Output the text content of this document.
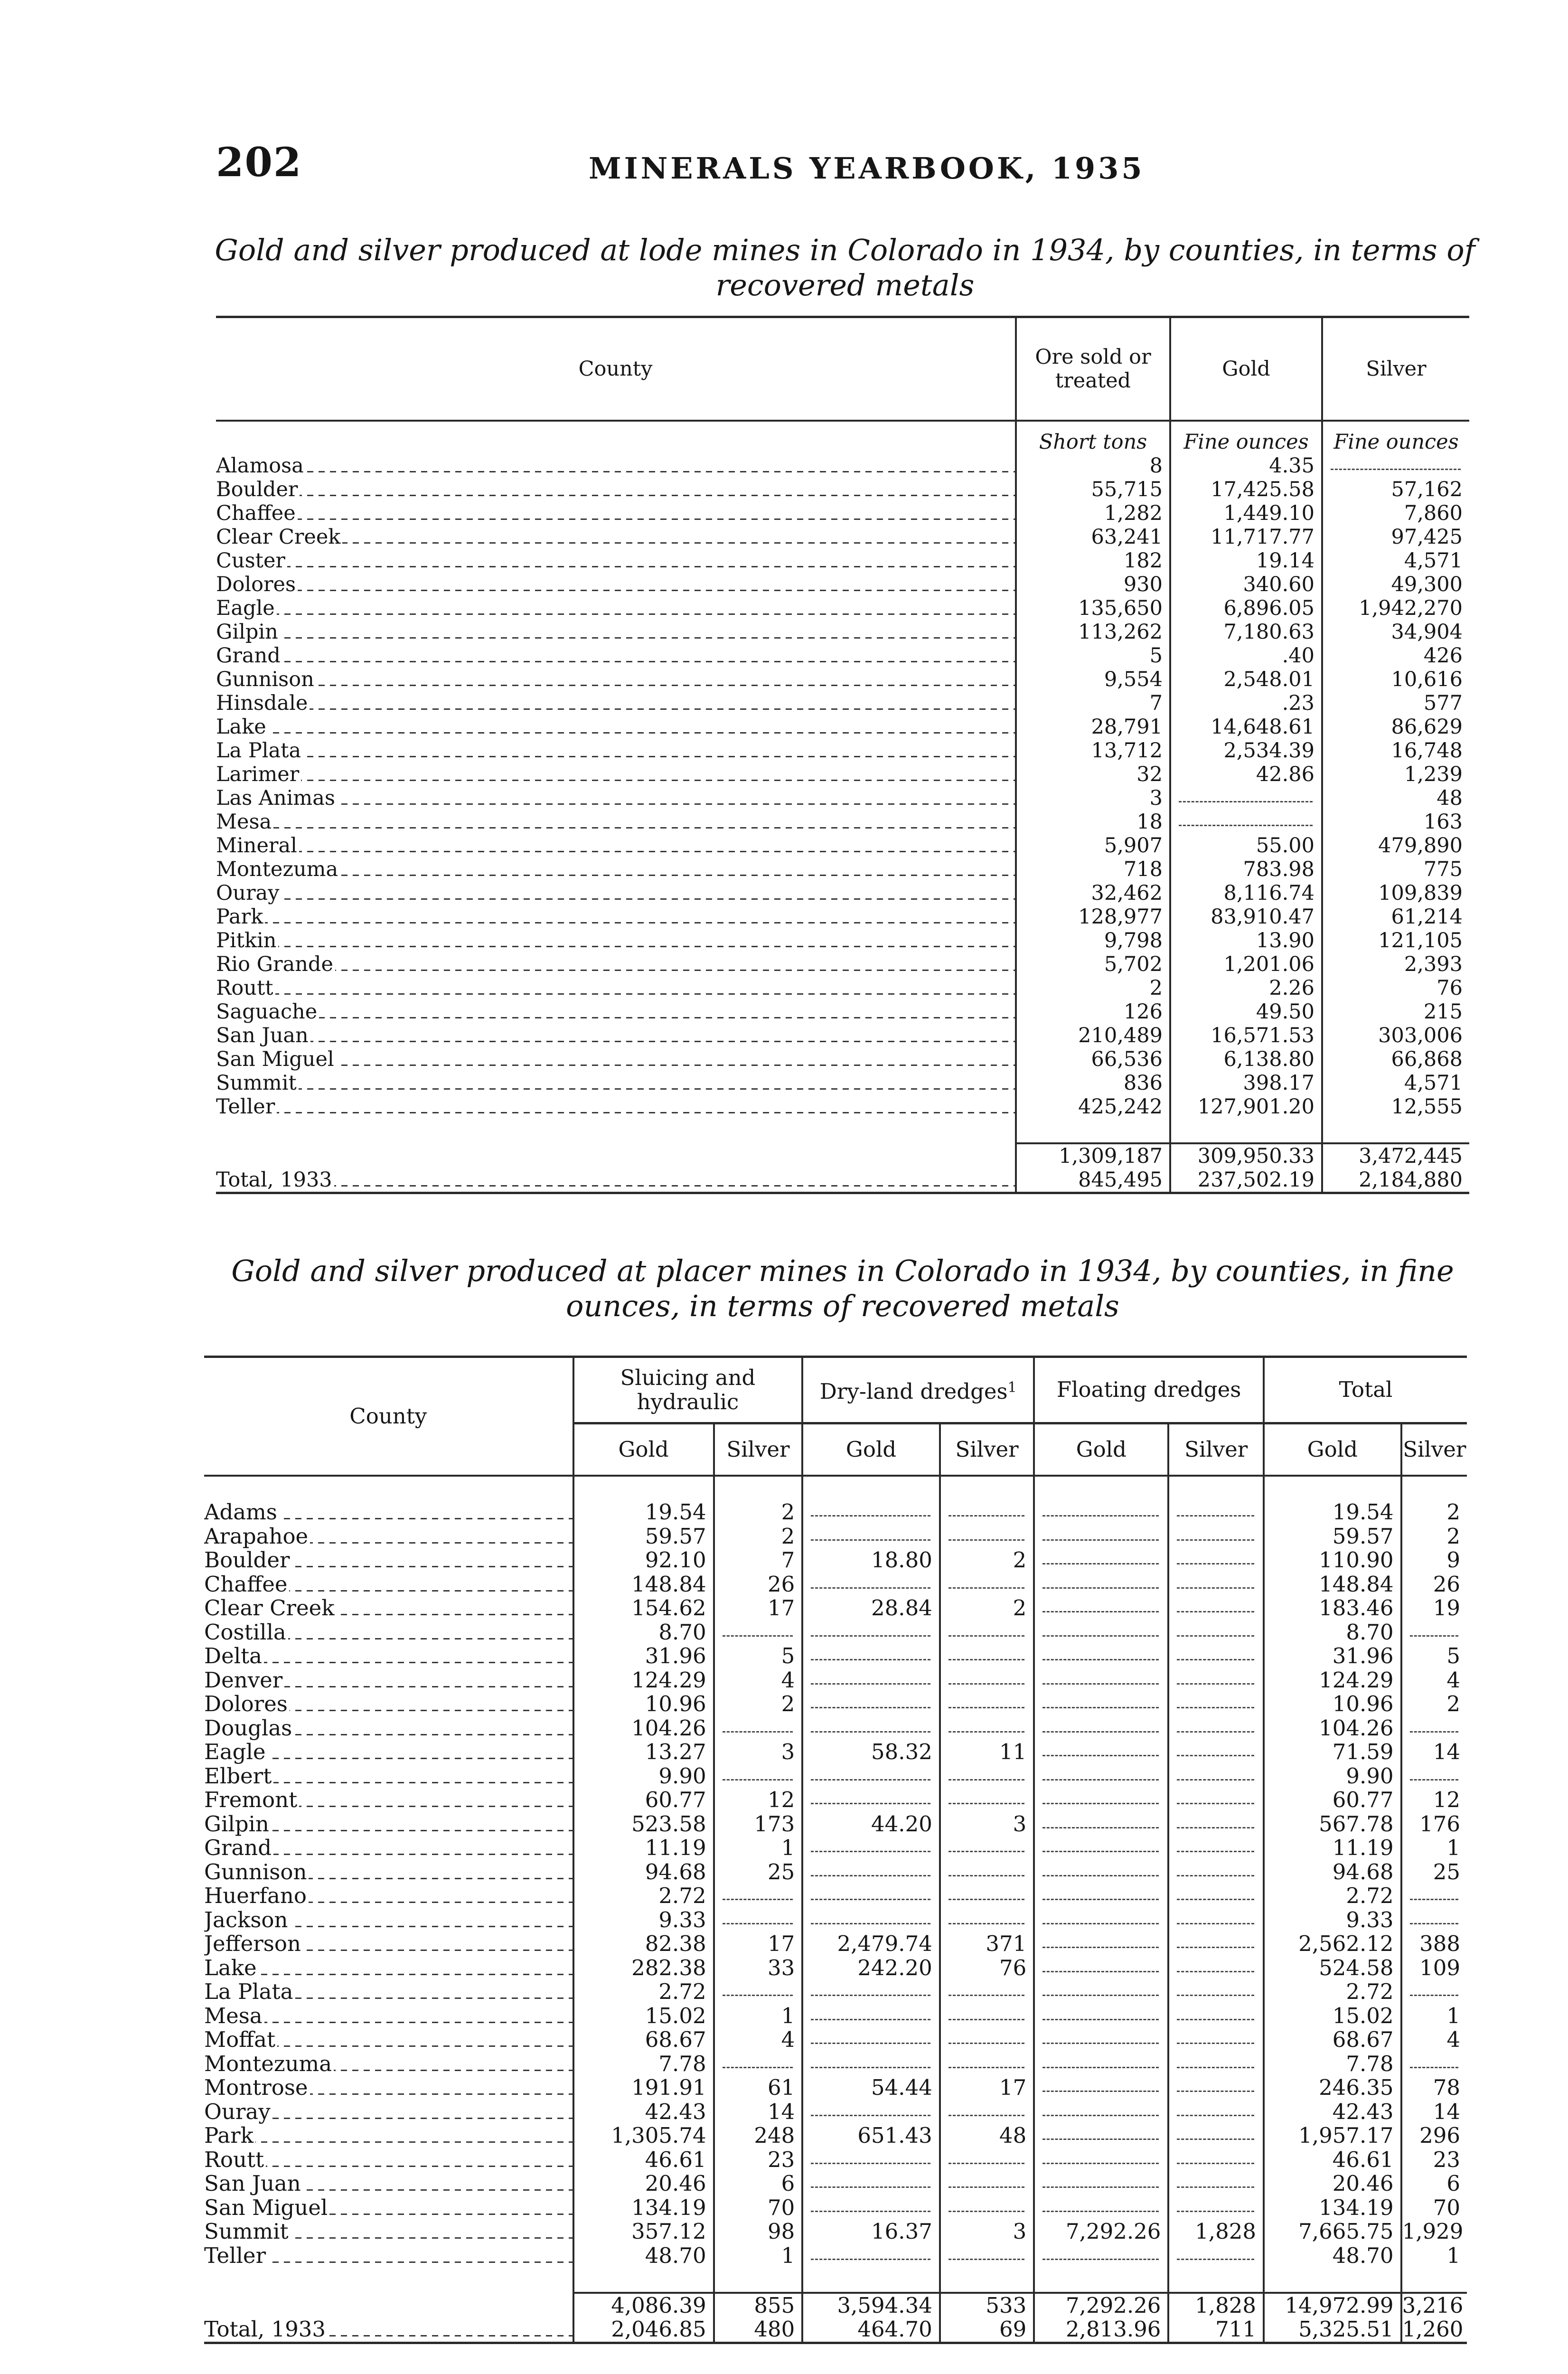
202	MINERALS YEARBOOK, 1935
Gold and silver produced at lode mines in Colorado in 1934, by counties, in terms of
recovered metals
County	Ore sold or treated	Gold	Silver
	Short tons	Fine ounces	Fine ounces
Alamosa	8	4.35	
Boulder	55,715	17,425.58	57,162
Chaffee	1,282	1,449.10	7,860
Clear Creek	63,241	11,717.77	97,425
Custer	182	19.14	4,571
Dolores	930	340.60	49,300
Eagle	135,650	6,896.05	1,942,270
Gilpin	113,262	7,180.63	34,904
Grand	5	.40	426
Gunnison	9,554	2,548.01	10,616
Hinsdale	7	.23	577
Lake	28,791	14,648.61	86,629
La Plata	13,712	2,534.39	16,748
Larimer	32	42.86	1,239
Las Animas	3		48
Mesa	18		163
Mineral	5,907	55.00	479,890
Montezuma	718	783.98	775
Ouray	32,462	8,116.74	109,839
Park	128,977	83,910.47	61,214
Pitkin	9,798	13.90	121,105
Rio Grande	5,702	1,201.06	2,393
Routt	2	2.26	76
Saguache	126	49.50	215
San Juan	210,489	16,571.53	303,006
San Miguel	66,536	6,138.80	66,868
Summit	836	398.17	4,571
Teller	425,242	127,901.20	12,555

	1,309,187	309,950.33	3,472,445
Total, 1933	845,495	237,502.19	2,184,880
Gold and silver produced at placer mines in Colorado in 1934, by counties, in fine
ounces, in terms of recovered metals
County	Sluicing and hydraulic		Dry-land dredges$^1$		Floating dredges		Total	
	Gold	Silver	Gold	Silver	Gold	Silver	Gold	Silver

Adams	19.54	2					19.54	2
Arapahoe	59.57	2					59.57	2
Boulder	92.10	7	18.80	2			110.90	9
Chaffee	148.84	26					148.84	26
Clear Creek	154.62	17	28.84	2			183.46	19
Costilla	8.70						8.70	
Delta	31.96	5					31.96	5
Denver	124.29	4					124.29	4
Dolores	10.96	2					10.96	2
Douglas	104.26						104.26	
Eagle	13.27	3	58.32	11			71.59	14
Elbert	9.90						9.90	
Fremont	60.77	12					60.77	12
Gilpin	523.58	173	44.20	3			567.78	176
Grand	11.19	1					11.19	1
Gunnison	94.68	25					94.68	25
Huerfano	2.72						2.72	
Jackson	9.33						9.33	
Jefferson	82.38	17	2,479.74	371			2,562.12	388
Lake	282.38	33	242.20	76			524.58	109
La Plata	2.72						2.72	
Mesa	15.02	1					15.02	1
Moffat	68.67	4					68.67	4
Montezuma	7.78						7.78	
Montrose	191.91	61	54.44	17			246.35	78
Ouray	42.43	14					42.43	14
Park	1,305.74	248	651.43	48			1,957.17	296
Routt	46.61	23					46.61	23
San Juan	20.46	6					20.46	6
San Miguel	134.19	70					134.19	70
Summit	357.12	98	16.37	3	7,292.26	1,828	7,665.75	1,929
Teller	48.70	1					48.70	1

	4,086.39	855	3,594.34	533	7,292.26	1,828	14,972.99	3,216
Total, 1933	2,046.85	480	464.70	69	2,813.96	711	5,325.51	1,260
